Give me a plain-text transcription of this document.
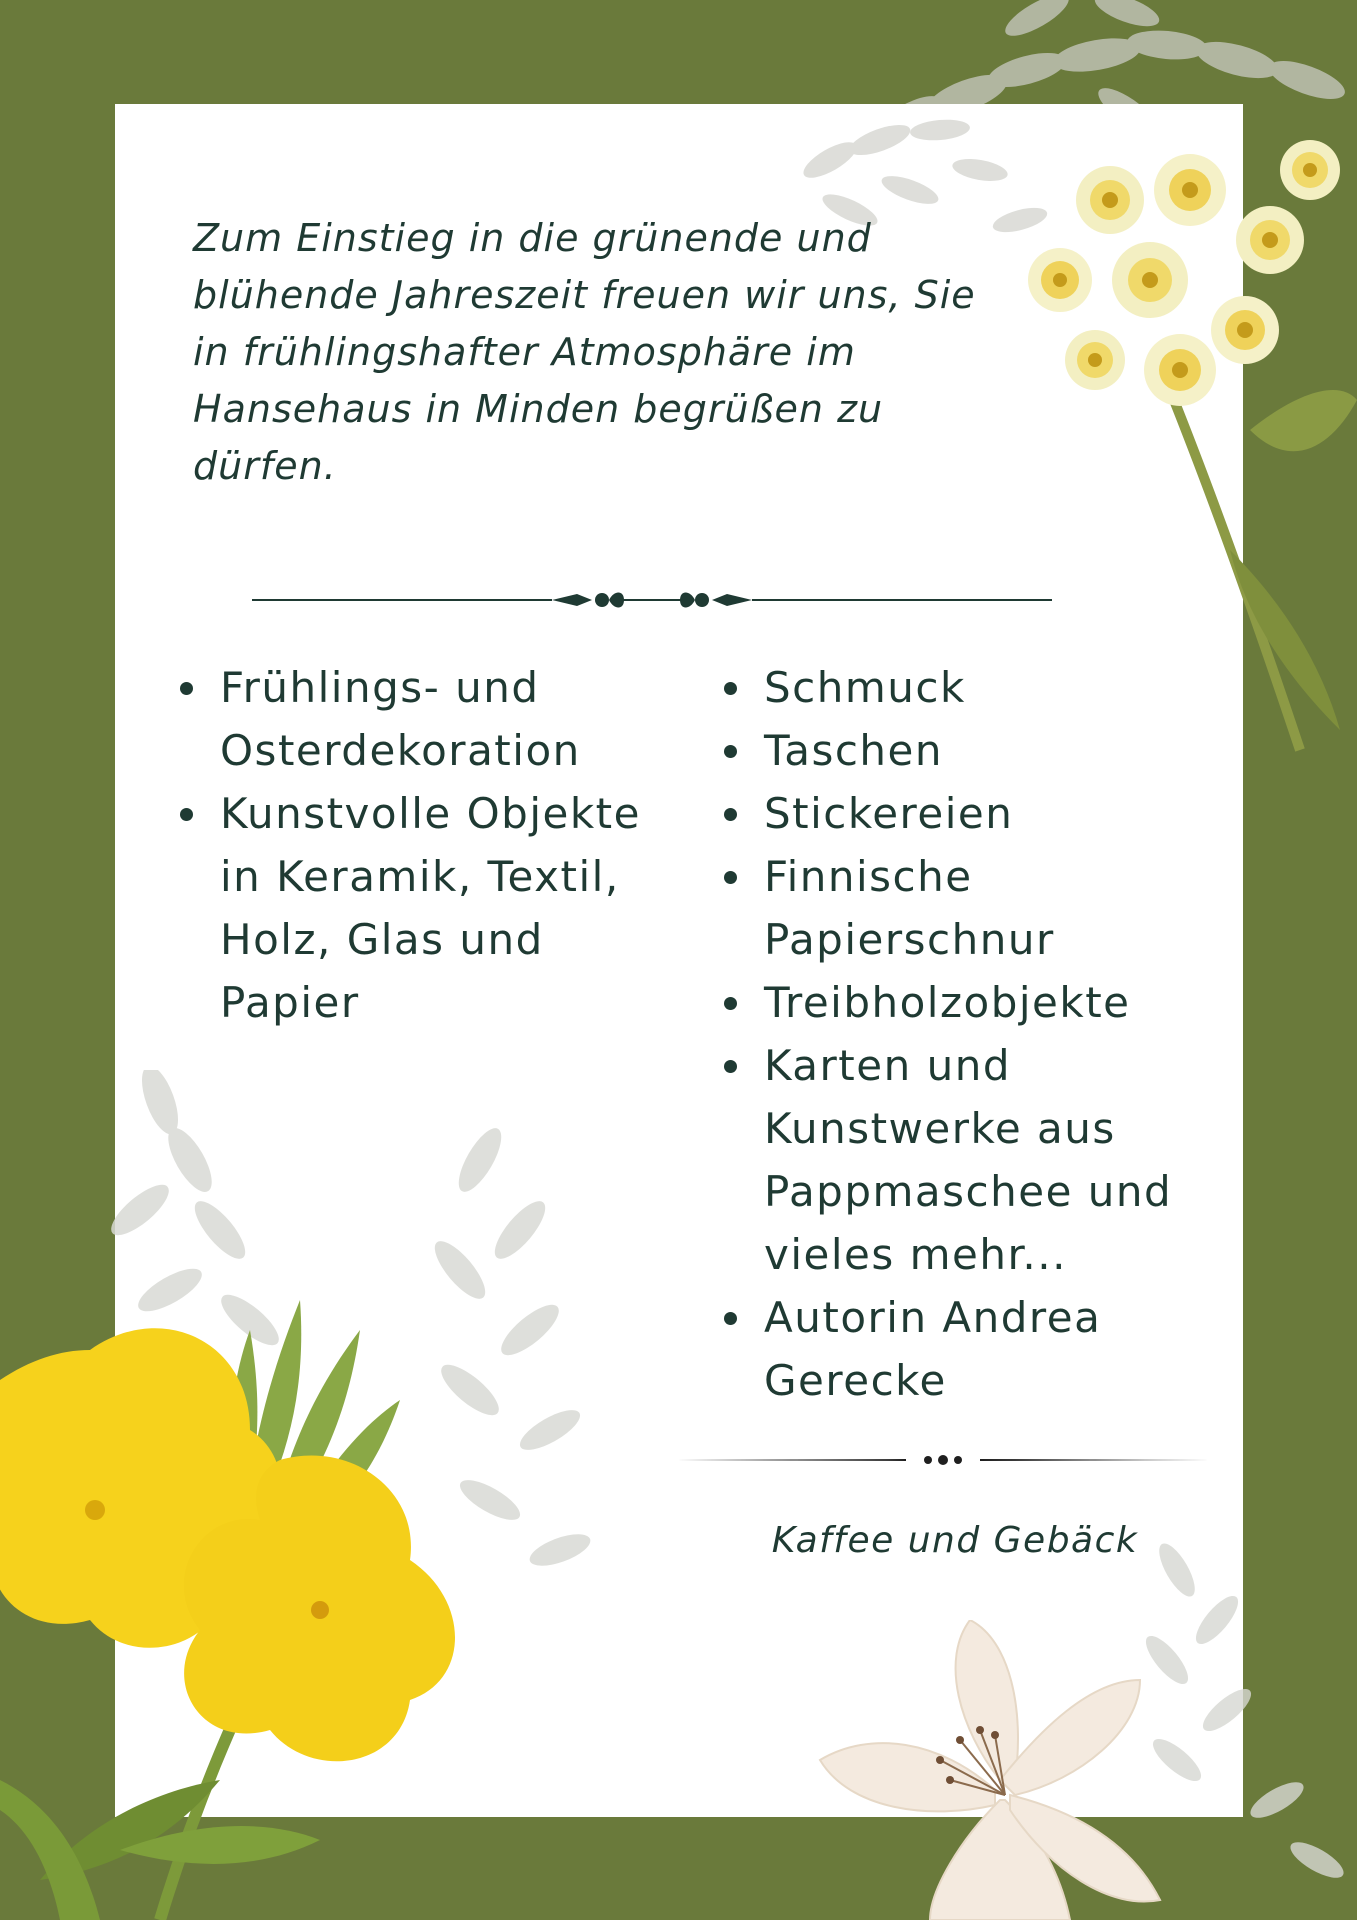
Zum Einstieg in die grünende und blühende Jahreszeit freuen wir uns, Sie in frühlingshafter Atmosphäre im Hansehaus in Minden begrüßen zu dürfen.

Frühlings- und Osterdekoration
Kunstvolle Objekte in Keramik, Textil, Holz, Glas und Papier
Schmuck
Taschen
Stickereien
Finnische Papierschnur
Treibholzobjekte
Karten und Kunstwerke aus Pappmaschee und vieles mehr...
Autorin Andrea Gerecke

Kaffee und Gebäck
